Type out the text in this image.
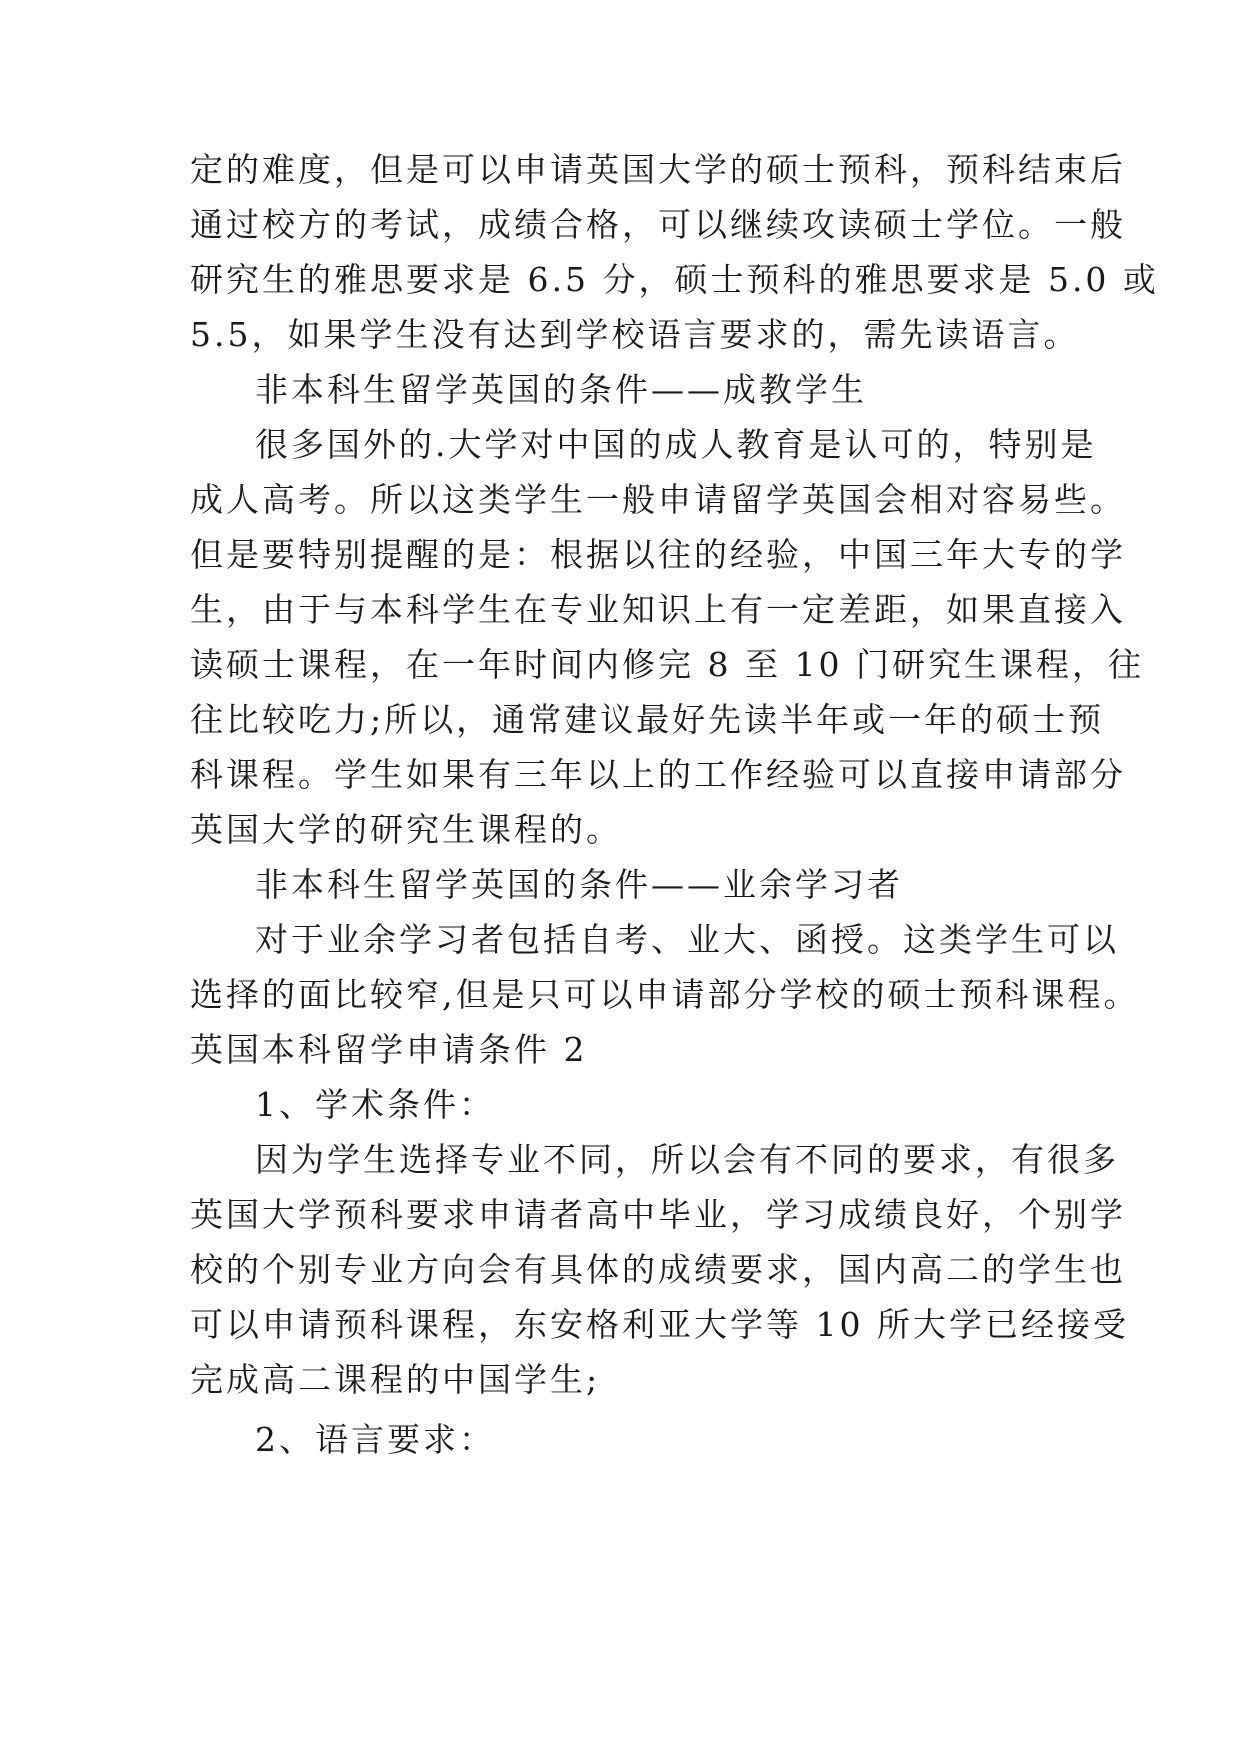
定的难度，但是可以申请英国大学的硕士预科，预科结束后
通过校方的考试，成绩合格，可以继续攻读硕士学位。一般
研究生的雅思要求是 6.5 分，硕士预科的雅思要求是 5.0 或
5.5，如果学生没有达到学校语言要求的，需先读语言。
非本科生留学英国的条件——成教学生
很多国外的.大学对中国的成人教育是认可的，特别是
成人高考。所以这类学生一般申请留学英国会相对容易些。
但是要特别提醒的是：根据以往的经验，中国三年大专的学
生，由于与本科学生在专业知识上有一定差距，如果直接入
读硕士课程，在一年时间内修完 8 至 10 门研究生课程，往
往比较吃力;所以，通常建议最好先读半年或一年的硕士预
科课程。学生如果有三年以上的工作经验可以直接申请部分
英国大学的研究生课程的。
非本科生留学英国的条件——业余学习者
对于业余学习者包括自考、业大、函授。这类学生可以
选择的面比较窄,但是只可以申请部分学校的硕士预科课程。
英国本科留学申请条件 2
1、学术条件：
因为学生选择专业不同，所以会有不同的要求，有很多
英国大学预科要求申请者高中毕业，学习成绩良好，个别学
校的个别专业方向会有具体的成绩要求，国内高二的学生也
可以申请预科课程，东安格利亚大学等 10 所大学已经接受
完成高二课程的中国学生;
2、语言要求：
